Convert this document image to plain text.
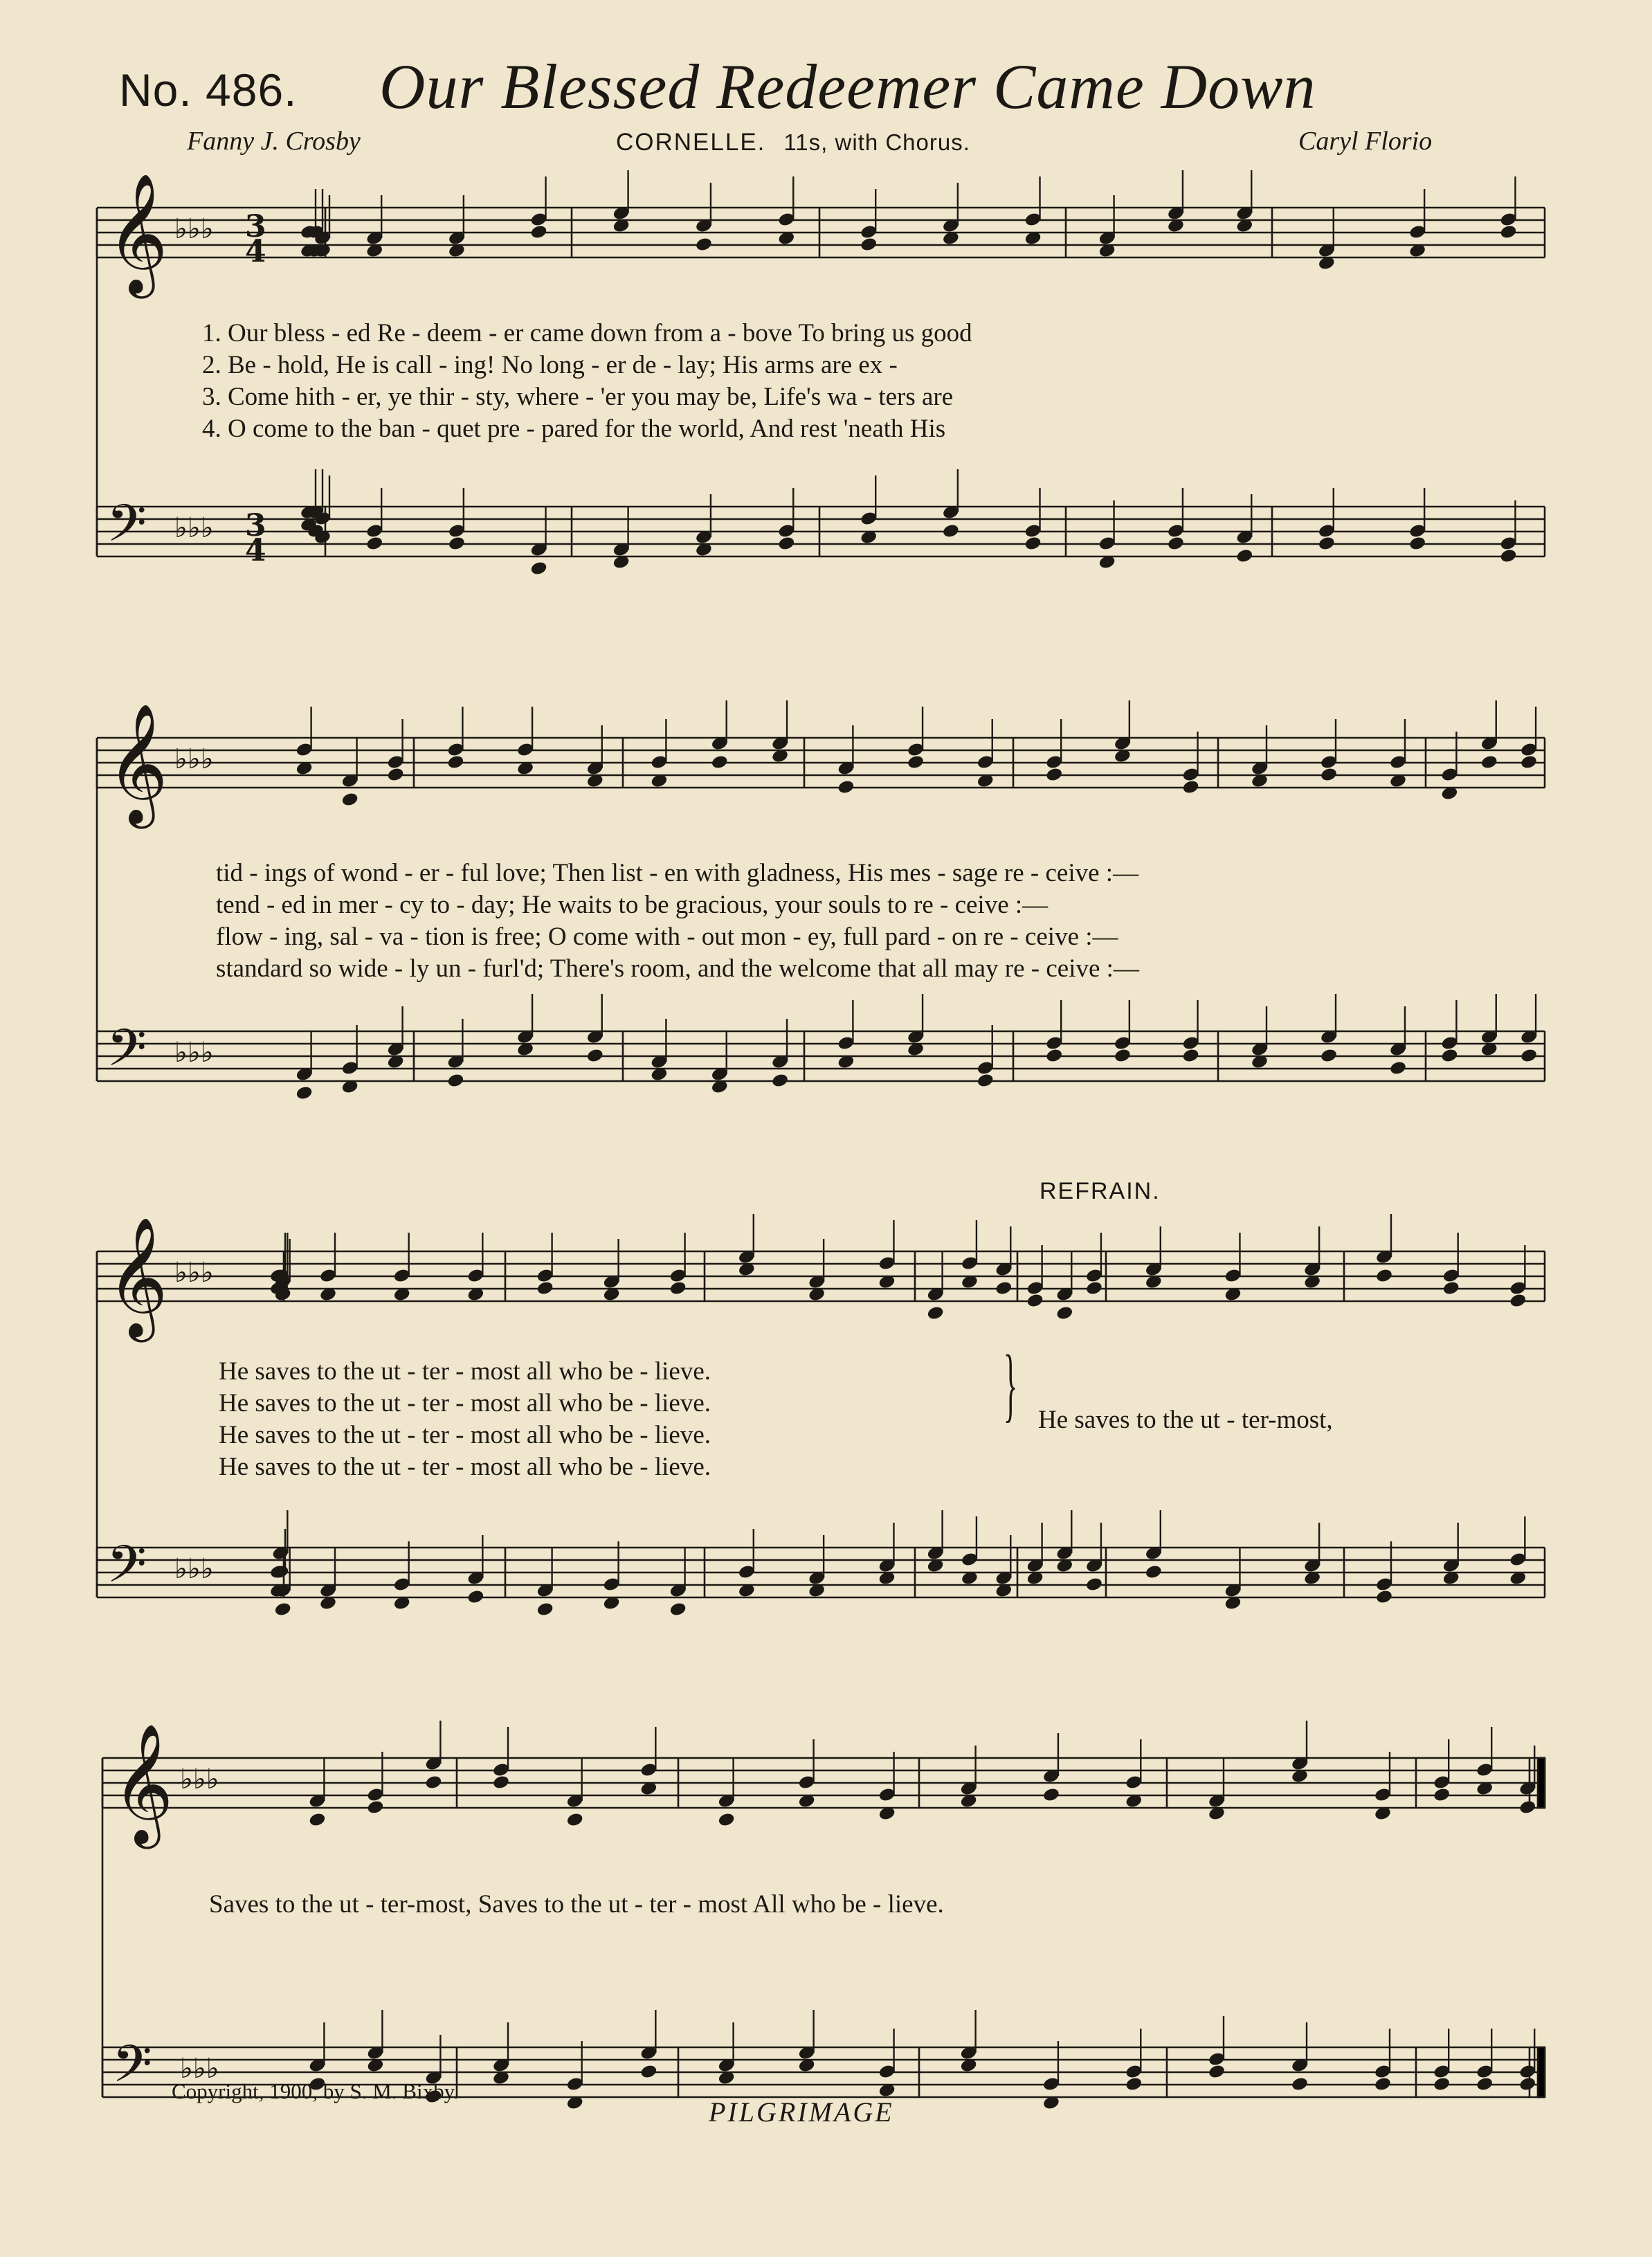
No. 486. Our Blessed Redeemer Came Down
Fanny J. Crosby	CORNELLE. 11s, with Chorus.	Caryl Florio
𝄞 ♭♭♭
𝄢 ♭♭♭
3
4
3
4
𝄞 ♭♭♭
𝄢 ♭♭♭
𝄞 ♭♭♭
𝄢 ♭♭♭
𝄞 ♭♭♭
𝄢 ♭♭♭
1. Our bless - ed Re - deem - er came down from a - bove To bring us good
2. Be - hold, He is call - ing! No long - er de - lay; His arms are ex -
3. Come hith - er, ye thir - sty, where - 'er you may be, Life's wa - ters are
4. O come to the ban - quet pre - pared for the world, And rest 'neath His
tid - ings of wond - er - ful love; Then list - en with gladness, His mes - sage re - ceive :—
tend - ed in mer - cy to - day; He waits to be gracious, your souls to re - ceive :—
flow - ing, sal - va - tion is free; O come with - out mon - ey, full pard - on re - ceive :—
standard so wide - ly un - furl'd; There's room, and the welcome that all may re - ceive :—
REFRAIN.
He saves to the ut - ter - most all who be - lieve.
He saves to the ut - ter - most all who be - lieve.
He saves to the ut - ter - most all who be - lieve.
He saves to the ut - ter - most all who be - lieve.
} He saves to the ut - ter-most,
Saves to the ut - ter-most, Saves to the ut - ter - most All who be - lieve.
Copyright, 1900, by S. M. Bixby.
PILGRIMAGE
